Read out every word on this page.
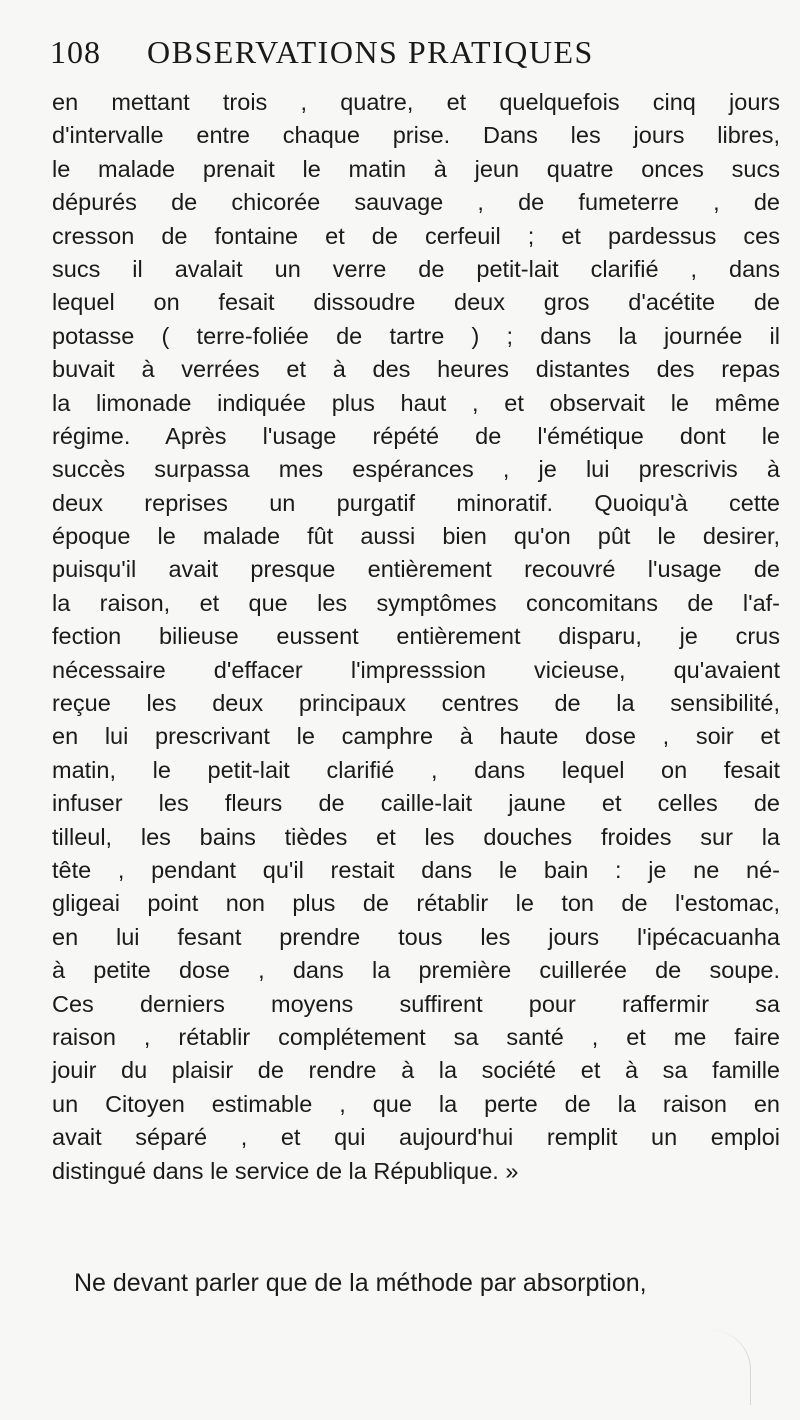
108 OBSERVATIONS PRATIQUES
en mettant trois , quatre, et quelquefois cinq jours
d'intervalle entre chaque prise. Dans les jours libres,
le malade prenait le matin à jeun quatre onces sucs
dépurés de chicorée sauvage , de fumeterre , de
cresson de fontaine et de cerfeuil ; et pardessus ces
sucs il avalait un verre de petit-lait clarifié , dans
lequel on fesait dissoudre deux gros d'acétite de
potasse ( terre-foliée de tartre ) ; dans la journée il
buvait à verrées et à des heures distantes des repas
la limonade indiquée plus haut , et observait le même
régime. Après l'usage répété de l'émétique dont le
succès surpassa mes espérances , je lui prescrivis à
deux reprises un purgatif minoratif. Quoiqu'à cette
époque le malade fût aussi bien qu'on pût le desirer,
puisqu'il avait presque entièrement recouvré l'usage de
la raison, et que les symptômes concomitans de l'af-
fection bilieuse eussent entièrement disparu, je crus
nécessaire d'effacer l'impresssion vicieuse, qu'avaient
reçue les deux principaux centres de la sensibilité,
en lui prescrivant le camphre à haute dose , soir et
matin, le petit-lait clarifié , dans lequel on fesait
infuser les fleurs de caille-lait jaune et celles de
tilleul, les bains tièdes et les douches froides sur la
tête , pendant qu'il restait dans le bain : je ne né-
gligeai point non plus de rétablir le ton de l'estomac,
en lui fesant prendre tous les jours l'ipécacuanha
à petite dose , dans la première cuillerée de soupe.
Ces derniers moyens suffirent pour raffermir sa
raison , rétablir complétement sa santé , et me faire
jouir du plaisir de rendre à la société et à sa famille
un Citoyen estimable , que la perte de la raison en
avait séparé , et qui aujourd'hui remplit un emploi
distingué dans le service de la République. »
Ne devant parler que de la méthode par absorption,
